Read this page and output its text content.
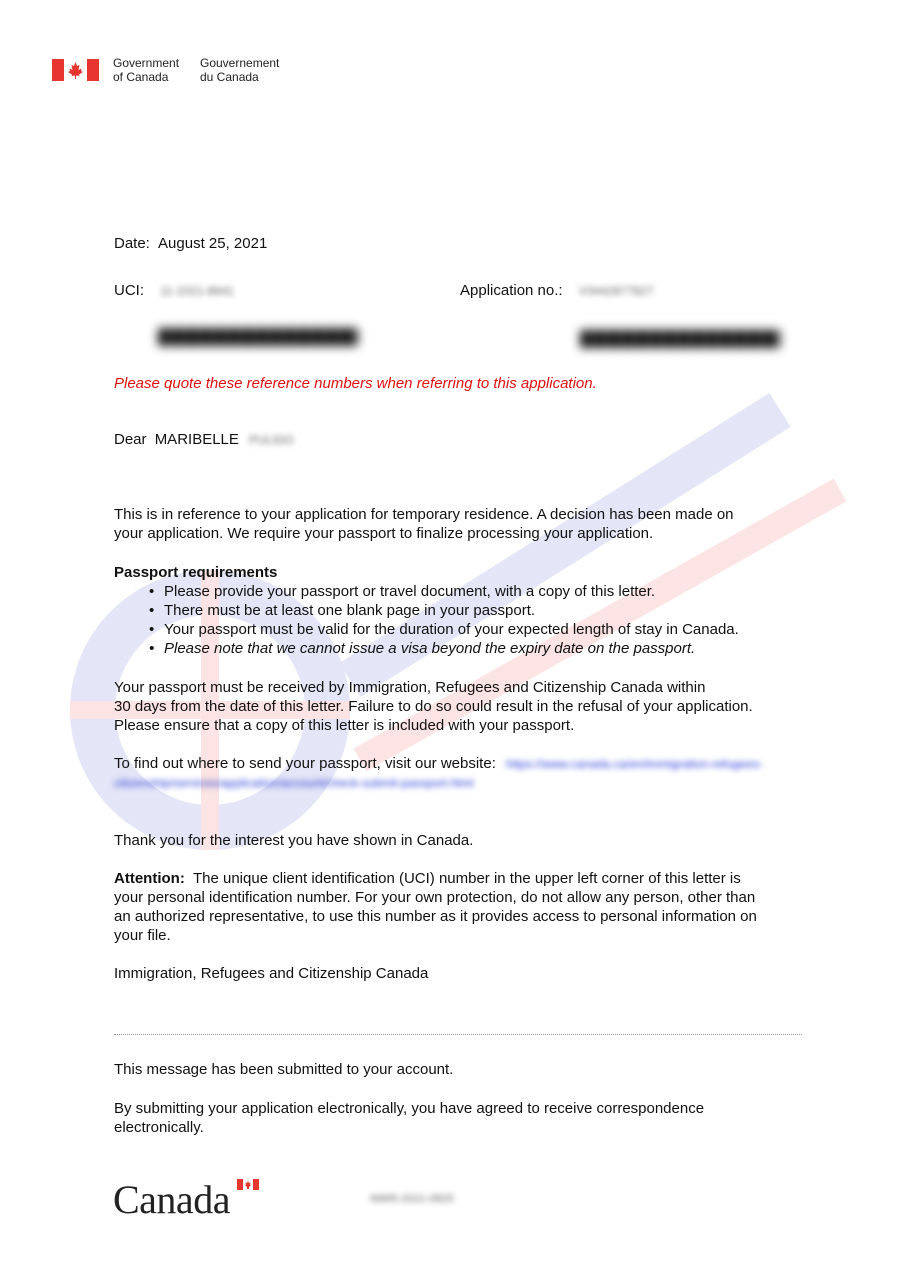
Government
of Canada
Gouvernement
du Canada
Date: August 25, 2021
UCI: 11-1021-8641	Application no.: V3442877827
Please quote these reference numbers when referring to this application.
Dear MARIBELLE PULIDO
This is in reference to your application for temporary residence. A decision has been made on
your application. We require your passport to finalize processing your application.
Passport requirements
• Please provide your passport or travel document, with a copy of this letter.
• There must be at least one blank page in your passport.
• Your passport must be valid for the duration of your expected length of stay in Canada.
• Please note that we cannot issue a visa beyond the expiry date on the passport.
Your passport must be received by Immigration, Refugees and Citizenship Canada within
30 days from the date of this letter. Failure to do so could result in the refusal of your application.
Please ensure that a copy of this letter is included with your passport.
To find out where to send your passport, visit our website: https://www.canada.ca/en/immigration-refugees-
citizenship/services/application/account/check-submit-passport.html
Thank you for the interest you have shown in Canada.
Attention: The unique client identification (UCI) number in the upper left corner of this letter is
your personal identification number. For your own protection, do not allow any person, other than
an authorized representative, to use this number as it provides access to personal information on
your file.
Immigration, Refugees and Citizenship Canada
This message has been submitted to your account.
By submitting your application electronically, you have agreed to receive correspondence
electronically.
Canada	IMM5-2021-0825
